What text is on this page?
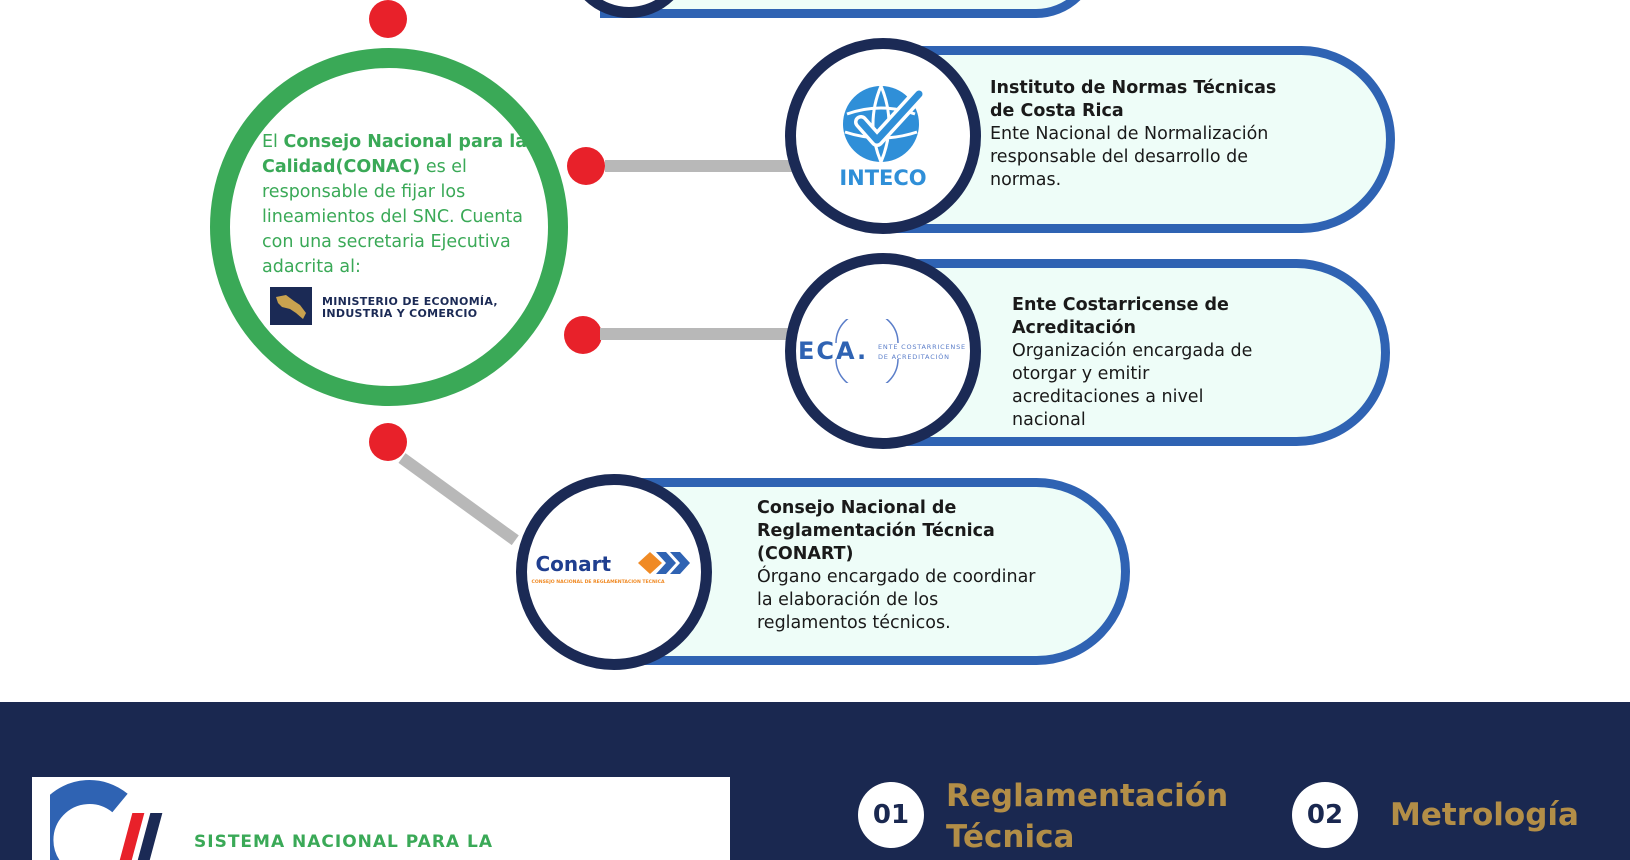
El Consejo Nacional para la Calidad(CONAC) es el responsable de fijar los lineamientos del SNC. Cuenta con una secretaria Ejecutiva adacrita al:
MINISTERIO DE ECONOMÍA,
INDUSTRIA Y COMERCIO
INTECO
Instituto de Normas Técnicas de Costa Rica
Ente Nacional de Normalización responsable del desarrollo de normas.
ECA. ENTE COSTARRICENSE
DE ACREDITACIÓN
Ente Costarricense de Acreditación
Organización encargada de otorgar y emitir acreditaciones a nivel nacional
Conart
CONSEJO NACIONAL DE REGLAMENTACION TECNICA
Consejo Nacional de Reglamentación Técnica (CONART)
Órgano encargado de coordinar la elaboración de los reglamentos técnicos.
SISTEMA NACIONAL PARA LA
01
Reglamentación Técnica
02	Metrología
